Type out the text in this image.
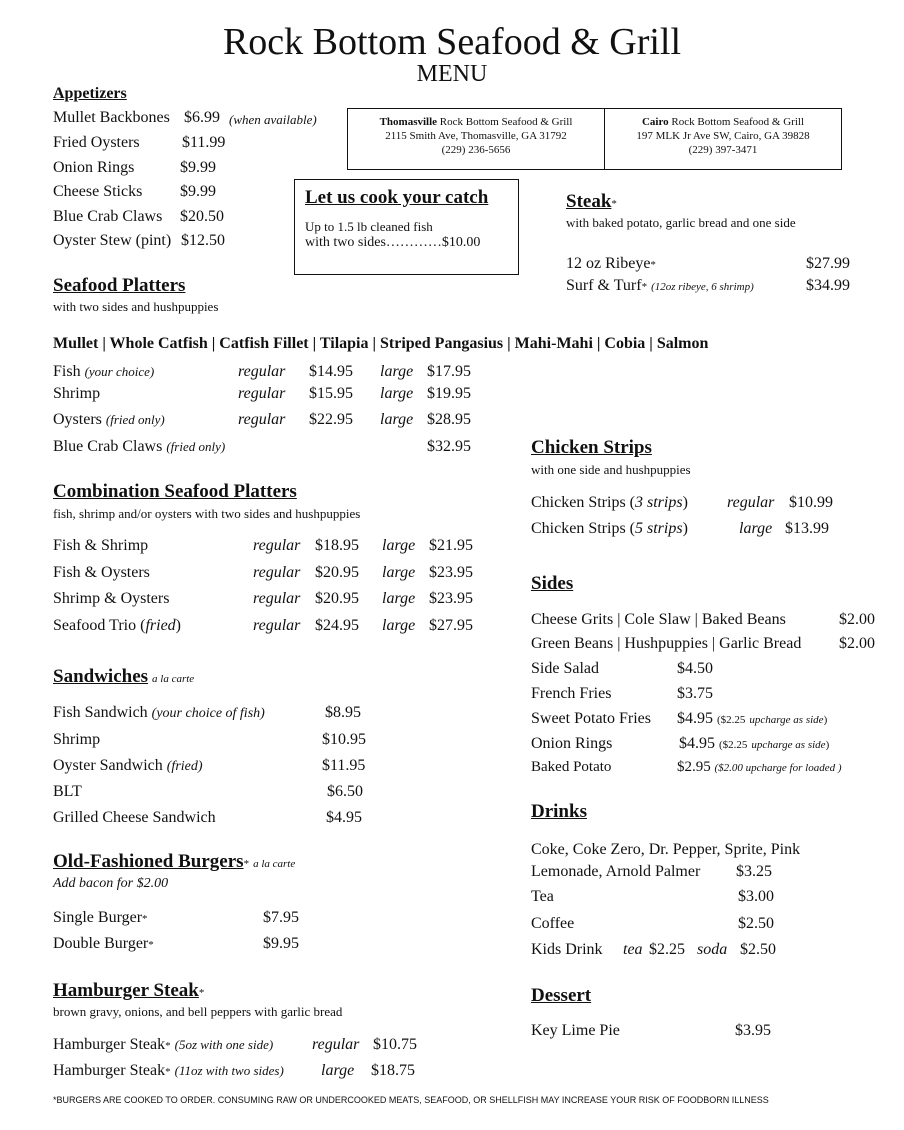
Rock Bottom Seafood & Grill
MENU
Thomasville Rock Bottom Seafood & Grill
2115 Smith Ave, Thomasville, GA 31792
(229) 236-5656
Cairo Rock Bottom Seafood & Grill
197 MLK Jr Ave SW, Cairo, GA 39828
(229) 397-3471
Let us cook your catch
Up to 1.5 lb cleaned fish
with two sides…………$10.00
Appetizers
Mullet Backbones $6.99 (when available)
Fried Oysters	$11.99
Onion Rings	$9.99
Cheese Sticks $9.99
Blue Crab Claws $20.50
Oyster Stew (pint) $12.50
Steak*
with baked potato, garlic bread and one side
12 oz Ribeye*	$27.99
Surf & Turf* (12oz ribeye, 6 shrimp)	$34.99
Seafood Platters
with two sides and hushpuppies
Mullet | Whole Catfish | Catfish Fillet | Tilapia | Striped Pangasius | Mahi-Mahi | Cobia | Salmon
Fish (your choice)	regular $14.95 large $17.95
Shrimp	regular $15.95 large $19.95
Oysters (fried only)	regular $22.95 large $28.95
Blue Crab Claws (fried only)	$32.95	Chicken Strips
with one side and hushpuppies
Chicken Strips (3 strips) regular $10.99
Chicken Strips (5 strips)	large $13.99
Combination Seafood Platters
fish, shrimp and/or oysters with two sides and hushpuppies
Fish & Shrimp	regular $18.95 large $21.95
Fish & Oysters	regular $20.95 large $23.95
Shrimp & Oysters	regular $20.95 large $23.95
Seafood Trio (fried)	regular $24.95 large $27.95
Sides
Cheese Grits | Cole Slaw | Baked Beans	$2.00
Green Beans | Hushpuppies | Garlic Bread $2.00
Side Salad	$4.50
French Fries	$3.75
Sweet Potato Fries $4.95 ($2.25 upcharge as side)
Onion Rings	$4.95 ($2.25 upcharge as side)
Baked Potato	$2.95 ($2.00 upcharge for loaded )
Sandwiches a la carte
Fish Sandwich (your choice of fish)	$8.95
Shrimp	$10.95
Oyster Sandwich (fried)	$11.95
BLT	$6.50
Grilled Cheese Sandwich	$4.95	Drinks
Coke, Coke Zero, Dr. Pepper, Sprite, Pink
Lemonade, Arnold Palmer $3.25
Tea	$3.00
Coffee	$2.50
Kids Drink tea $2.25 soda $2.50
Old-Fashioned Burgers* a la carte
Add bacon for $2.00
Single Burger*	$7.95
Double Burger*	$9.95
Dessert
Key Lime Pie	$3.95
Hamburger Steak*
brown gravy, onions, and bell peppers with garlic bread
Hamburger Steak* (5oz with one side) regular $10.75
Hamburger Steak* (11oz with two sides) large $18.75
*BURGERS ARE COOKED TO ORDER. CONSUMING RAW OR UNDERCOOKED MEATS, SEAFOOD, OR SHELLFISH MAY INCREASE YOUR RISK OF FOODBORN ILLNESS
